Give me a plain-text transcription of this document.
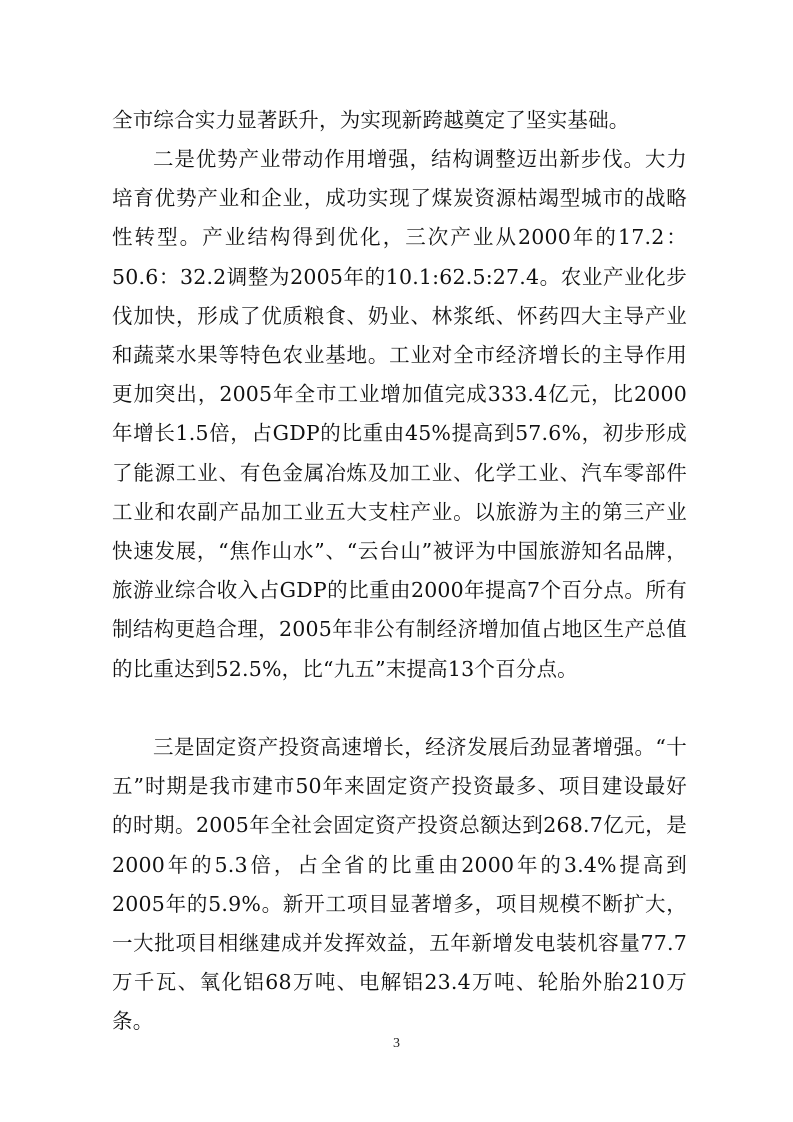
全市综合实力显著跃升，为实现新跨越奠定了坚实基础。

二是优势产业带动作用增强，结构调整迈出新步伐。大力培育优势产业和企业，成功实现了煤炭资源枯竭型城市的战略性转型。产业结构得到优化，三次产业从2000年的17.2：50.6：32.2调整为2005年的10.1:62.5:27.4。农业产业化步伐加快，形成了优质粮食、奶业、林浆纸、怀药四大主导产业和蔬菜水果等特色农业基地。工业对全市经济增长的主导作用更加突出，2005年全市工业增加值完成333.4亿元，比2000年增长1.5倍，占GDP的比重由45%提高到57.6%，初步形成了能源工业、有色金属冶炼及加工业、化学工业、汽车零部件工业和农副产品加工业五大支柱产业。以旅游为主的第三产业快速发展，“焦作山水”、“云台山”被评为中国旅游知名品牌，旅游业综合收入占GDP的比重由2000年提高7个百分点。所有制结构更趋合理，2005年非公有制经济增加值占地区生产总值的比重达到52.5%，比“九五”末提高13个百分点。

三是固定资产投资高速增长，经济发展后劲显著增强。“十五”时期是我市建市50年来固定资产投资最多、项目建设最好的时期。2005年全社会固定资产投资总额达到268.7亿元，是2000年的5.3倍，占全省的比重由2000年的3.4%提高到2005年的5.9%。新开工项目显著增多，项目规模不断扩大，一大批项目相继建成并发挥效益，五年新增发电装机容量77.7万千瓦、氧化铝68万吨、电解铝23.4万吨、轮胎外胎210万条。

3
